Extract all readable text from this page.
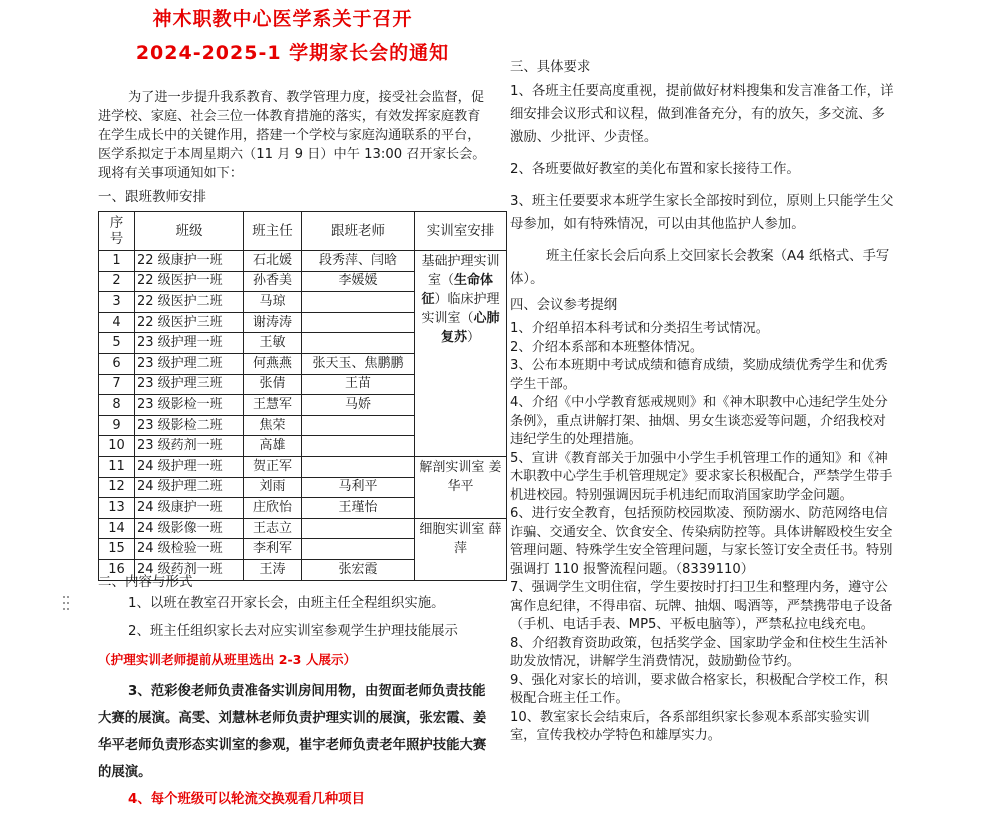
神木职教中心医学系关于召开
2024-2025-1 学期家长会的通知

为了进一步提升我系教育、教学管理力度，接受社会监督，促进学校、家庭、社会三位一体教育措施的落实，有效发挥家庭教育在学生成长中的关键作用，搭建一个学校与家庭沟通联系的平台，医学系拟定于本周星期六（11 月 9 日）中午 13:00 召开家长会。现将有关事项通知如下：

一、跟班教师安排

序号	班级	班主任	跟班老师	实训室安排
1	22 级康护一班	石北媛	段秀萍、闫晗	基础护理实训室（生命体征）临床护理实训室（心肺复苏）
2	22 级医护一班	孙香美	李媛媛	
3	22 级医护二班	马琼		
4	22 级医护三班	谢涛涛		
5	23 级护理一班	王敏		
6	23 级护理二班	何燕燕	张天玉、焦鹏鹏	
7	23 级护理三班	张倩	王苗	
8	23 级影检一班	王慧军	马娇	
9	23 级影检二班	焦荣		
10	23 级药剂一班	高雄		
11	24 级护理一班	贺正军		解剖实训室 姜华平
12	24 级护理二班	刘雨	马利平	
13	24 级康护一班	庄欣怡	王瑾怡	
14	24 级影像一班	王志立		细胞实训室 薛萍
15	24 级检验一班	李利军		
16	24 级药剂一班	王涛	张宏霞	

二、内容与形式

1、以班在教室召开家长会，由班主任全程组织实施。

2、班主任组织家长去对应实训室参观学生护理技能展示

（护理实训老师提前从班里选出 2-3 人展示）

3、范彩俊老师负责准备实训房间用物，由贺面老师负责技能大赛的展演。高雯、刘慧林老师负责护理实训的展演，张宏霞、姜华平老师负责形态实训室的参观，崔宇老师负责老年照护技能大赛的展演。

4、每个班级可以轮流交换观看几种项目

三、具体要求

1、各班主任要高度重视，提前做好材料搜集和发言准备工作，详细安排会议形式和议程，做到准备充分，有的放矢，多交流、多激励、少批评、少责怪。

2、各班要做好教室的美化布置和家长接待工作。

3、班主任要要求本班学生家长全部按时到位，原则上只能学生父母参加，如有特殊情况，可以由其他监护人参加。

班主任家长会后向系上交回家长会教案（A4 纸格式、手写体）。

四、会议参考提纲

1、介绍单招本科考试和分类招生考试情况。

2、介绍本系部和本班整体情况。

3、公布本班期中考试成绩和德育成绩，奖励成绩优秀学生和优秀学生干部。

4、介绍《中小学教育惩戒规则》和《神木职教中心违纪学生处分条例》，重点讲解打架、抽烟、男女生谈恋爱等问题，介绍我校对违纪学生的处理措施。

5、宣讲《教育部关于加强中小学生手机管理工作的通知》和《神木职教中心学生手机管理规定》要求家长积极配合，严禁学生带手机进校园。特别强调因玩手机违纪而取消国家助学金问题。

6、进行安全教育，包括预防校园欺凌、预防溺水、防范网络电信诈骗、交通安全、饮食安全、传染病防控等。具体讲解殴校生安全管理问题、特殊学生安全管理问题，与家长签订安全责任书。特别强调打 110 报警流程问题。（8339110）

7、强调学生文明住宿，学生要按时打扫卫生和整理内务，遵守公寓作息纪律，不得串宿、玩牌、抽烟、喝酒等，严禁携带电子设备（手机、电话手表、MP5、平板电脑等），严禁私拉电线充电。

8、介绍教育资助政策，包括奖学金、国家助学金和住校生生活补助发放情况，讲解学生消费情况，鼓励勤俭节约。

9、强化对家长的培训，要求做合格家长，积极配合学校工作，积极配合班主任工作。

10、教室家长会结束后，各系部组织家长参观本系部实验实训室，宣传我校办学特色和雄厚实力。
